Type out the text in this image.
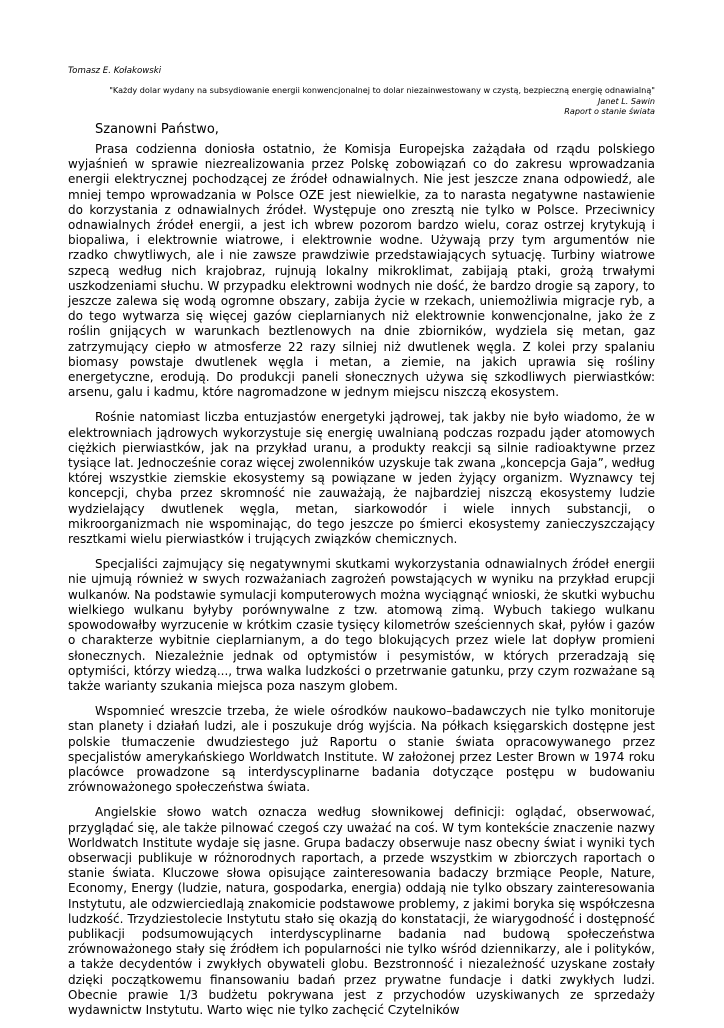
Tomasz E. Kołakowski
"Każdy dolar wydany na subsydiowanie energii konwencjonalnej to dolar niezainwestowany w czystą, bezpieczną energię odnawialną"
Janet L. Sawin
Raport o stanie świata
Szanowni Państwo,

Prasa codzienna doniosła ostatnio, że Komisja Europejska zażądała od rządu polskiego wyjaśnień w sprawie niezrealizowania przez Polskę zobowiązań co do zakresu wprowadzania energii elektrycznej pochodzącej ze źródeł odnawialnych. Nie jest jeszcze znana odpowiedź, ale mniej tempo wprowadzania w Polsce OZE jest niewielkie, za to narasta negatywne nastawienie do korzystania z odnawialnych źródeł. Występuje ono zresztą nie tylko w Polsce. Przeciwnicy odnawialnych źródeł energii, a jest ich wbrew pozorom bardzo wielu, coraz ostrzej krytykują i biopaliwa, i elektrownie wiatrowe, i elektrownie wodne. Używają przy tym argumentów nie rzadko chwytliwych, ale i nie zawsze prawdziwie przedstawiających sytuację. Turbiny wiatrowe szpecą według nich krajobraz, rujnują lokalny mikroklimat, zabijają ptaki, grożą trwałymi uszkodzeniami słuchu. W przypadku elektrowni wodnych nie dość, że bardzo drogie są zapory, to jeszcze zalewa się wodą ogromne obszary, zabija życie w rzekach, uniemożliwia migracje ryb, a do tego wytwarza się więcej gazów cieplarnianych niż elektrownie konwencjonalne, jako że z roślin gnijących w warunkach beztlenowych na dnie zbiorników, wydziela się metan, gaz zatrzymujący ciepło w atmosferze 22 razy silniej niż dwutlenek węgla. Z kolei przy spalaniu biomasy powstaje dwutlenek węgla i metan, a ziemie, na jakich uprawia się rośliny energetyczne, erodują. Do produkcji paneli słonecznych używa się szkodliwych pierwiastków: arsenu, galu i kadmu, które nagromadzone w jednym miejscu niszczą ekosystem.

Rośnie natomiast liczba entuzjastów energetyki jądrowej, tak jakby nie było wiadomo, że w elektrowniach jądrowych wykorzystuje się energię uwalnianą podczas rozpadu jąder atomowych ciężkich pierwiastków, jak na przykład uranu, a produkty reakcji są silnie radioaktywne przez tysiące lat. Jednocześnie coraz więcej zwolenników uzyskuje tak zwana „koncepcja Gaja”, według której wszystkie ziemskie ekosystemy są powiązane w jeden żyjący organizm. Wyznawcy tej koncepcji, chyba przez skromność nie zauważają, że najbardziej niszczą ekosystemy ludzie wydzielający dwutlenek węgla, metan, siarkowodór i wiele innych substancji, o mikroorganizmach nie wspominając, do tego jeszcze po śmierci ekosystemy zanieczyszczający resztkami wielu pierwiastków i trujących związków chemicznych.

Specjaliści zajmujący się negatywnymi skutkami wykorzystania odnawialnych źródeł energii nie ujmują również w swych rozważaniach zagrożeń powstających w wyniku na przykład erupcji wulkanów. Na podstawie symulacji komputerowych można wyciągnąć wnioski, że skutki wybuchu wielkiego wulkanu byłyby porównywalne z tzw. atomową zimą. Wybuch takiego wulkanu spowodowałby wyrzucenie w krótkim czasie tysięcy kilometrów sześciennych skał, pyłów i gazów o charakterze wybitnie cieplarnianym, a do tego blokujących przez wiele lat dopływ promieni słonecznych. Niezależnie jednak od optymistów i pesymistów, w których przeradzają się optymiści, którzy wiedzą..., trwa walka ludzkości o przetrwanie gatunku, przy czym rozważane są także warianty szukania miejsca poza naszym globem.

Wspomnieć wreszcie trzeba, że wiele ośrodków naukowo–badawczych nie tylko monitoruje stan planety i działań ludzi, ale i poszukuje dróg wyjścia. Na półkach księgarskich dostępne jest polskie tłumaczenie dwudziestego już Raportu o stanie świata opracowywanego przez specjalistów amerykańskiego Worldwatch Institute. W założonej przez Lester Brown w 1974 roku placówce prowadzone są interdyscyplinarne badania dotyczące postępu w budowaniu zrównoważonego społeczeństwa świata.

Angielskie słowo watch oznacza według słownikowej definicji: oglądać, obserwować, przyglądać się, ale także pilnować czegoś czy uważać na coś. W tym kontekście znaczenie nazwy Worldwatch Institute wydaje się jasne. Grupa badaczy obserwuje nasz obecny świat i wyniki tych obserwacji publikuje w różnorodnych raportach, a przede wszystkim w zbiorczych raportach o stanie świata. Kluczowe słowa opisujące zainteresowania badaczy brzmiące People, Nature, Economy, Energy (ludzie, natura, gospodarka, energia) oddają nie tylko obszary zainteresowania Instytutu, ale odzwierciedlają znakomicie podstawowe problemy, z jakimi boryka się współczesna ludzkość. Trzydziestolecie Instytutu stało się okazją do konstatacji, że wiarygodność i dostępność publikacji podsumowujących interdyscyplinarne badania nad budową społeczeństwa zrównoważonego stały się źródłem ich popularności nie tylko wśród dziennikarzy, ale i polityków, a także decydentów i zwykłych obywateli globu. Bezstronność i niezależność uzyskane zostały dzięki początkowemu finansowaniu badań przez prywatne fundacje i datki zwykłych ludzi. Obecnie prawie 1/3 budżetu pokrywana jest z przychodów uzyskiwanych ze sprzedaży wydawnictw Instytutu. Warto więc nie tylko zachęcić Czytelników
